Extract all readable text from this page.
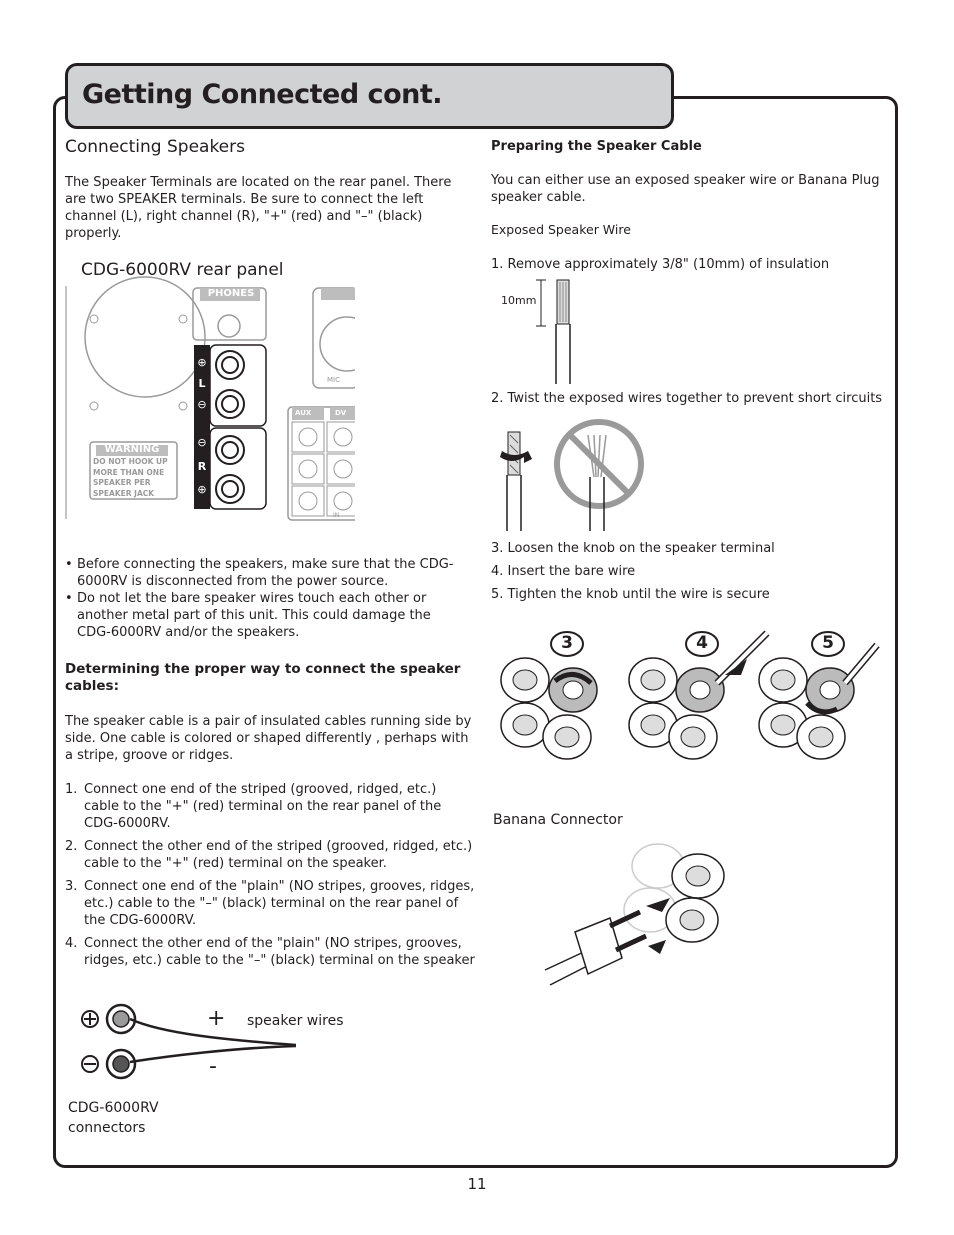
Getting Connected cont.
Connecting Speakers
The Speaker Terminals are located on the rear panel. There are two SPEAKER terminals. Be sure to connect the left channel (L), right channel (R), "+" (red) and "–" (black) properly.
CDG-6000RV rear panel
PHONES
MIC
AUX	DV
IN
⊕
L
⊖
⊖
R
⊕
WARNING
DO NOT HOOK UP
MORE THAN ONE
SPEAKER PER
SPEAKER JACK
• Before connecting the speakers, make sure that the CDG-6000RV is disconnected from the power source.
• Do not let the bare speaker wires touch each other or another metal part of this unit. This could damage the CDG-6000RV and/or the speakers.
Determining the proper way to connect the speaker cables:
The speaker cable is a pair of insulated cables running side by side. One cable is colored or shaped differently , perhaps with a stripe, groove or ridges.
1. Connect one end of the striped (grooved, ridged, etc.) cable to the "+" (red) terminal on the rear panel of the CDG-6000RV.
2. Connect the other end of the striped (grooved, ridged, etc.) cable to the "+" (red) terminal on the speaker.
3. Connect one end of the "plain" (NO stripes, grooves, ridges, etc.) cable to the "–" (black) terminal on the rear panel of the CDG-6000RV.
4. Connect the other end of the "plain" (NO stripes, grooves, ridges, etc.) cable to the "–" (black) terminal on the speaker
+
-
speaker wires
CDG-6000RV connectors
Preparing the Speaker Cable
You can either use an exposed speaker wire or Banana Plug speaker cable.
Exposed Speaker Wire
1. Remove approximately 3/8" (10mm) of insulation
10mm
2. Twist the exposed wires together to prevent short circuits
3. Loosen the knob on the speaker terminal
4. Insert the bare wire
5. Tighten the knob until the wire is secure
3	4	5
Banana Connector
11
